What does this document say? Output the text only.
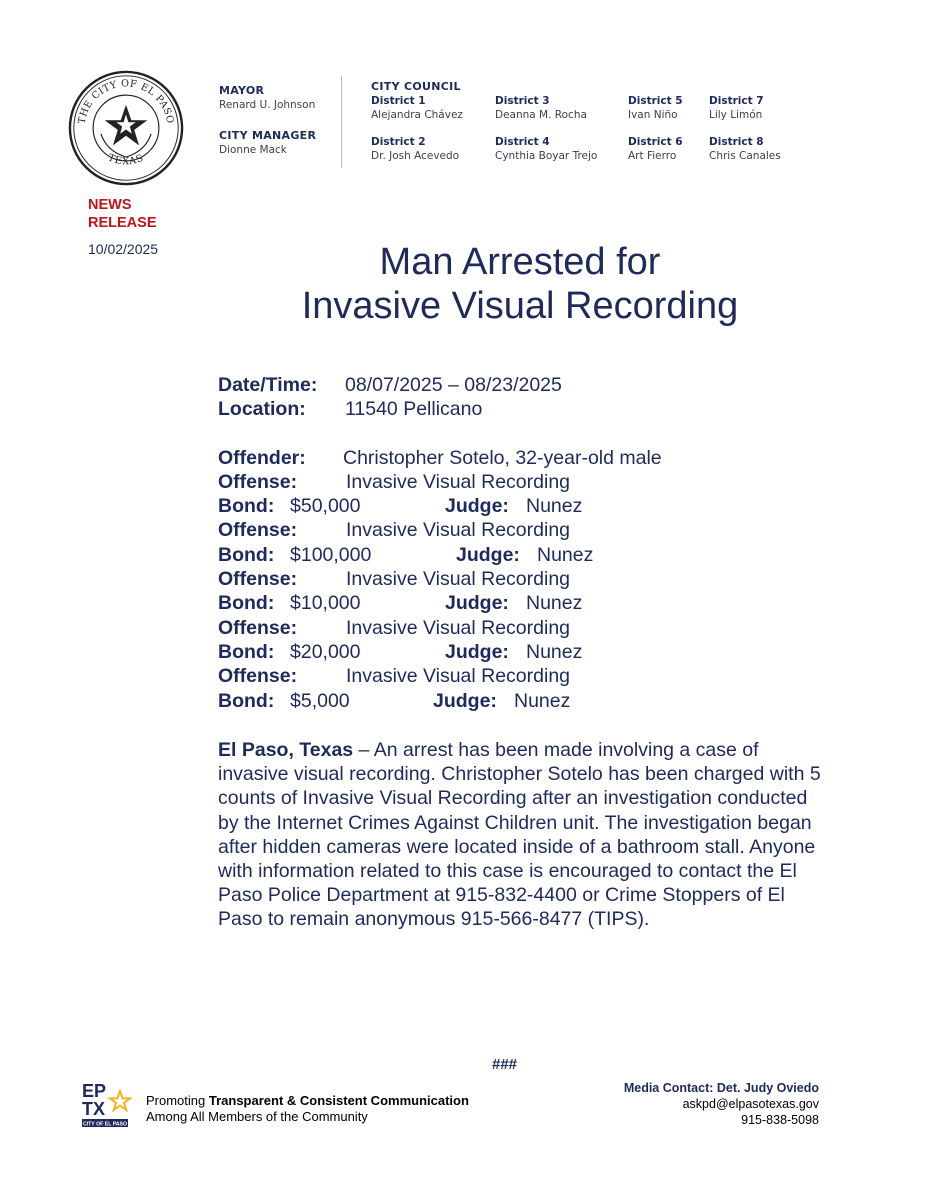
THE CITY OF EL PASO
TEXAS
MAYOR
Renard U. Johnson
CITY MANAGER
Dionne Mack
CITY COUNCIL
District 1
Alejandra Chávez
District 2
Dr. Josh Acevedo
District 3
Deanna M. Rocha
District 4
Cynthia Boyar Trejo
District 5
Ivan Niño
District 6
Art Fierro
District 7
Lily Limón
District 8
Chris Canales
NEWS
RELEASE
10/02/2025	Man Arrested for
Invasive Visual Recording
Date/Time: 08/07/2025 – 08/23/2025
Location: 11540 Pellicano
Offender: Christopher Sotelo, 32-year-old male
Offense:	Invasive Visual Recording
Bond: $50,000	Judge: Nunez
Offense:	Invasive Visual Recording
Bond: $100,000	Judge: Nunez
Offense:	Invasive Visual Recording
Bond: $10,000	Judge: Nunez
Offense:	Invasive Visual Recording
Bond: $20,000	Judge: Nunez
Offense:	Invasive Visual Recording
Bond: $5,000	Judge: Nunez
El Paso, Texas – An arrest has been made involving a case of invasive visual recording. Christopher Sotelo has been charged with 5 counts of Invasive Visual Recording after an investigation conducted by the Internet Crimes Against Children unit. The investigation began after hidden cameras were located inside of a bathroom stall. Anyone with information related to this case is encouraged to contact the El Paso Police Department at 915-832-4400 or Crime Stoppers of El Paso to remain anonymous 915-566-8477 (TIPS).
###
EP
TX
CITY OF EL PASO
Promoting Transparent & Consistent Communication
Among All Members of the Community
Media Contact: Det. Judy Oviedo
askpd@elpasotexas.gov
915-838-5098
